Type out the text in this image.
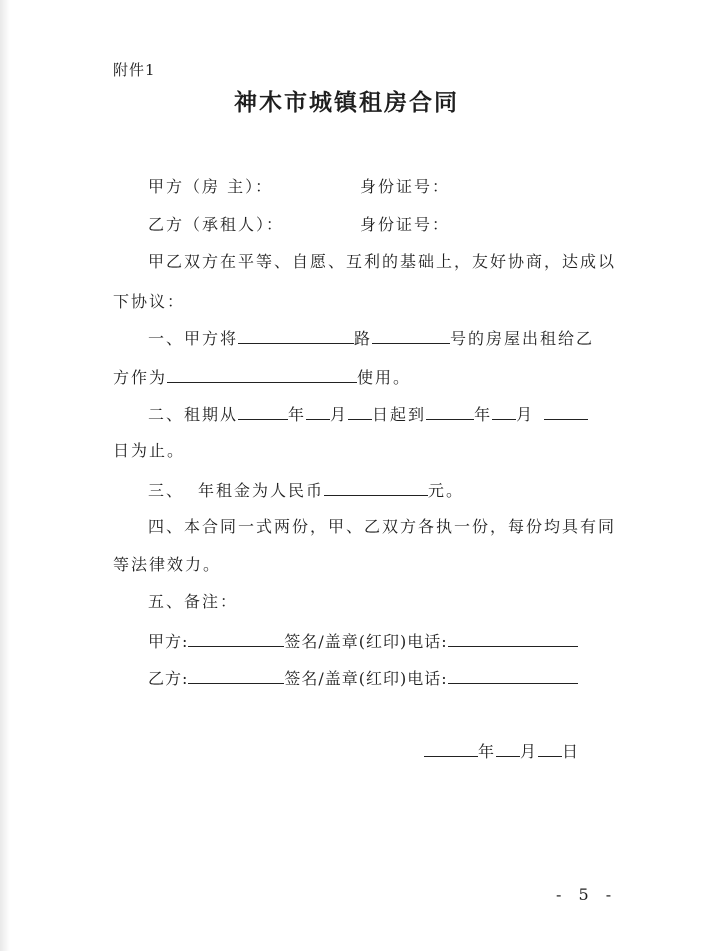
附件1
神木市城镇租房合同
甲方（房 主）：	身份证号：
乙方（承租人）：	身份证号：
甲乙双方在平等、自愿、互利的基础上，友好协商，达成以
下协议：
一、甲方将	路	号的房屋出租给乙
方作为	使用。
二、租期从	年 月 日起到	年 月
日为止。
三、 年租金为人民币	元。
四、本合同一式两份，甲、乙双方各执一份，每份均具有同
等法律效力。
五、备注：
甲方:	签名/盖章(红印)电话:
乙方:	签名/盖章(红印)电话:
年 月 日
- 5 -
